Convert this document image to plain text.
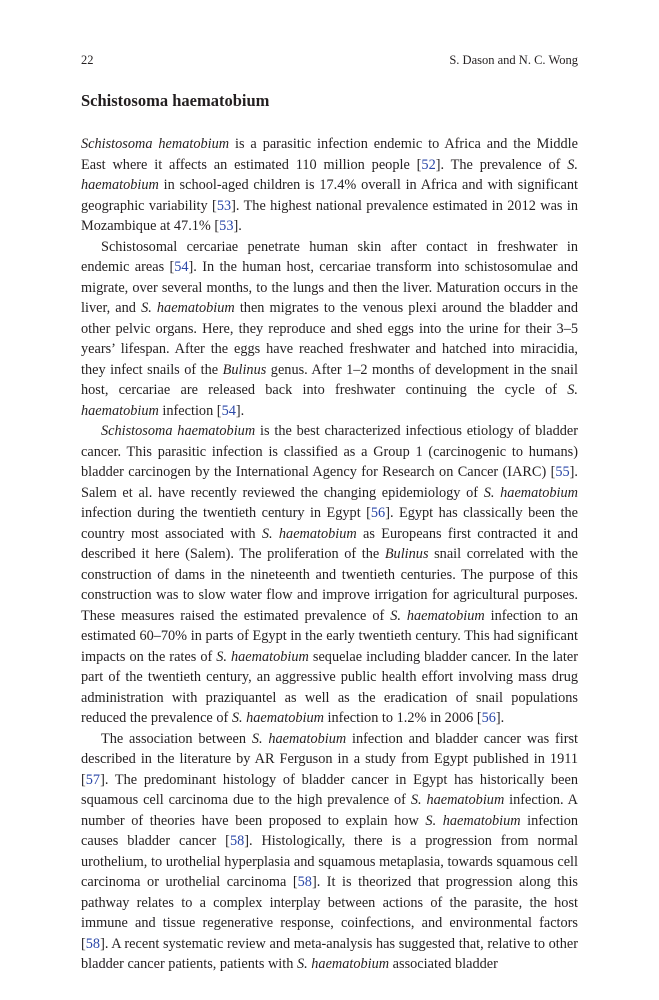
22	S. Dason and N. C. Wong
Schistosoma haematobium

Schistosoma hematobium is a parasitic infection endemic to Africa and the Middle East where it affects an estimated 110 million people [52]. The prevalence of S. haematobium in school-aged children is 17.4% overall in Africa and with significant geographic variability [53]. The highest national prevalence estimated in 2012 was in Mozambique at 47.1% [53].

Schistosomal cercariae penetrate human skin after contact in freshwater in endemic areas [54]. In the human host, cercariae transform into schistosomulae and migrate, over several months, to the lungs and then the liver. Maturation occurs in the liver, and S. haematobium then migrates to the venous plexi around the bladder and other pelvic organs. Here, they reproduce and shed eggs into the urine for their 3–5 years’ lifespan. After the eggs have reached freshwater and hatched into miracidia, they infect snails of the Bulinus genus. After 1–2 months of development in the snail host, cercariae are released back into freshwater continuing the cycle of S. haematobium infection [54].

Schistosoma haematobium is the best characterized infectious etiology of bladder cancer. This parasitic infection is classified as a Group 1 (carcinogenic to humans) bladder carcinogen by the International Agency for Research on Cancer (IARC) [55]. Salem et al. have recently reviewed the changing epidemiology of S. haematobium infection during the twentieth century in Egypt [56]. Egypt has classically been the country most associated with S. haematobium as Europeans first contracted it and described it here (Salem). The proliferation of the Bulinus snail correlated with the construction of dams in the nineteenth and twentieth centuries. The purpose of this construction was to slow water flow and improve irrigation for agricultural purposes. These measures raised the estimated prevalence of S. haematobium infection to an estimated 60–70% in parts of Egypt in the early twentieth century. This had significant impacts on the rates of S. haematobium sequelae including bladder cancer. In the later part of the twentieth century, an aggressive public health effort involving mass drug administration with praziquantel as well as the eradication of snail populations reduced the prevalence of S. haematobium infection to 1.2% in 2006 [56].

The association between S. haematobium infection and bladder cancer was first described in the literature by AR Ferguson in a study from Egypt published in 1911 [57]. The predominant histology of bladder cancer in Egypt has historically been squamous cell carcinoma due to the high prevalence of S. haematobium infection. A number of theories have been proposed to explain how S. haematobium infection causes bladder cancer [58]. Histologically, there is a progression from normal urothelium, to urothelial hyperplasia and squamous metaplasia, towards squamous cell carcinoma or urothelial carcinoma [58]. It is theorized that progression along this pathway relates to a complex interplay between actions of the parasite, the host immune and tissue regenerative response, coinfections, and environmental factors [58]. A recent systematic review and meta-analysis has suggested that, relative to other bladder cancer patients, patients with S. haematobium associated bladder
